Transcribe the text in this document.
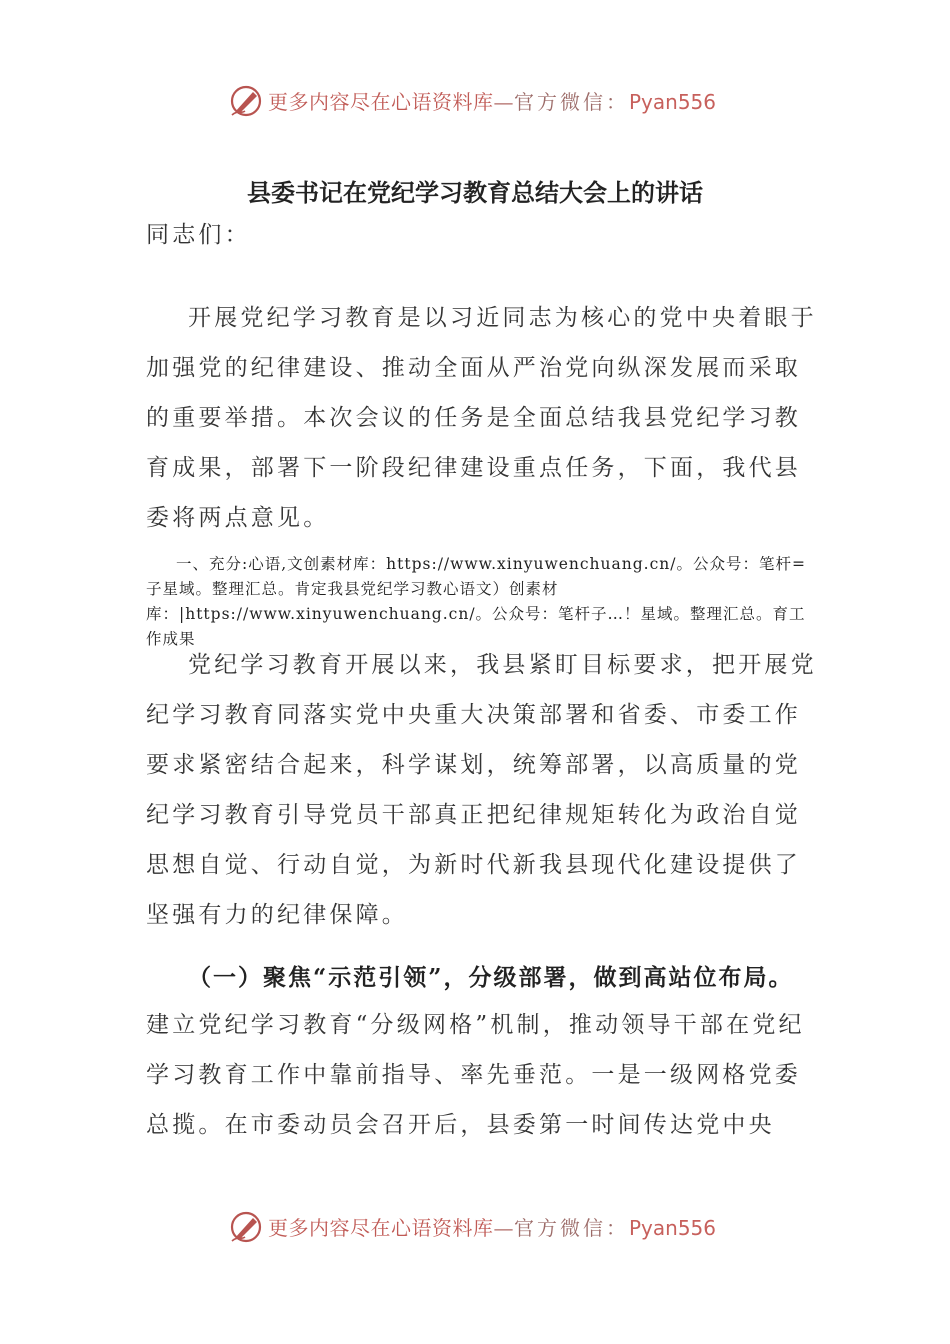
更多内容尽在心语资料库—官方微信：Pyan556
县委书记在党纪学习教育总结大会上的讲话

同志们：

开展党纪学习教育是以习近同志为核心的党中央着眼于加强党的纪律建设、推动全面从严治党向纵深发展而采取的重要举措。本次会议的任务是全面总结我县党纪学习教育成果，部署下一阶段纪律建设重点任务，下面，我代县委将两点意见。

一、充分:心语,文创素材库：https://www.xinyuwenchuang.cn/。公众号：笔杆=子星域。整理汇总。肯定我县党纪学习教心语文）创素材库：|https://www.xinyuwenchuang.cn/。公众号：笔杆子…！星域。整理汇总。育工作成果

党纪学习教育开展以来，我县紧盯目标要求，把开展党纪学习教育同落实党中央重大决策部署和省委、市委工作要求紧密结合起来，科学谋划，统筹部署，以高质量的党纪学习教育引导党员干部真正把纪律规矩转化为政治自觉思想自觉、行动自觉，为新时代新我县现代化建设提供了坚强有力的纪律保障。

（一）聚焦“示范引领”，分级部署，做到高站位布局。

建立党纪学习教育“分级网格”机制，推动领导干部在党纪学习教育工作中靠前指导、率先垂范。一是一级网格党委总揽。在市委动员会召开后，县委第一时间传达党中央

更多内容尽在心语资料库—官方微信：Pyan556
